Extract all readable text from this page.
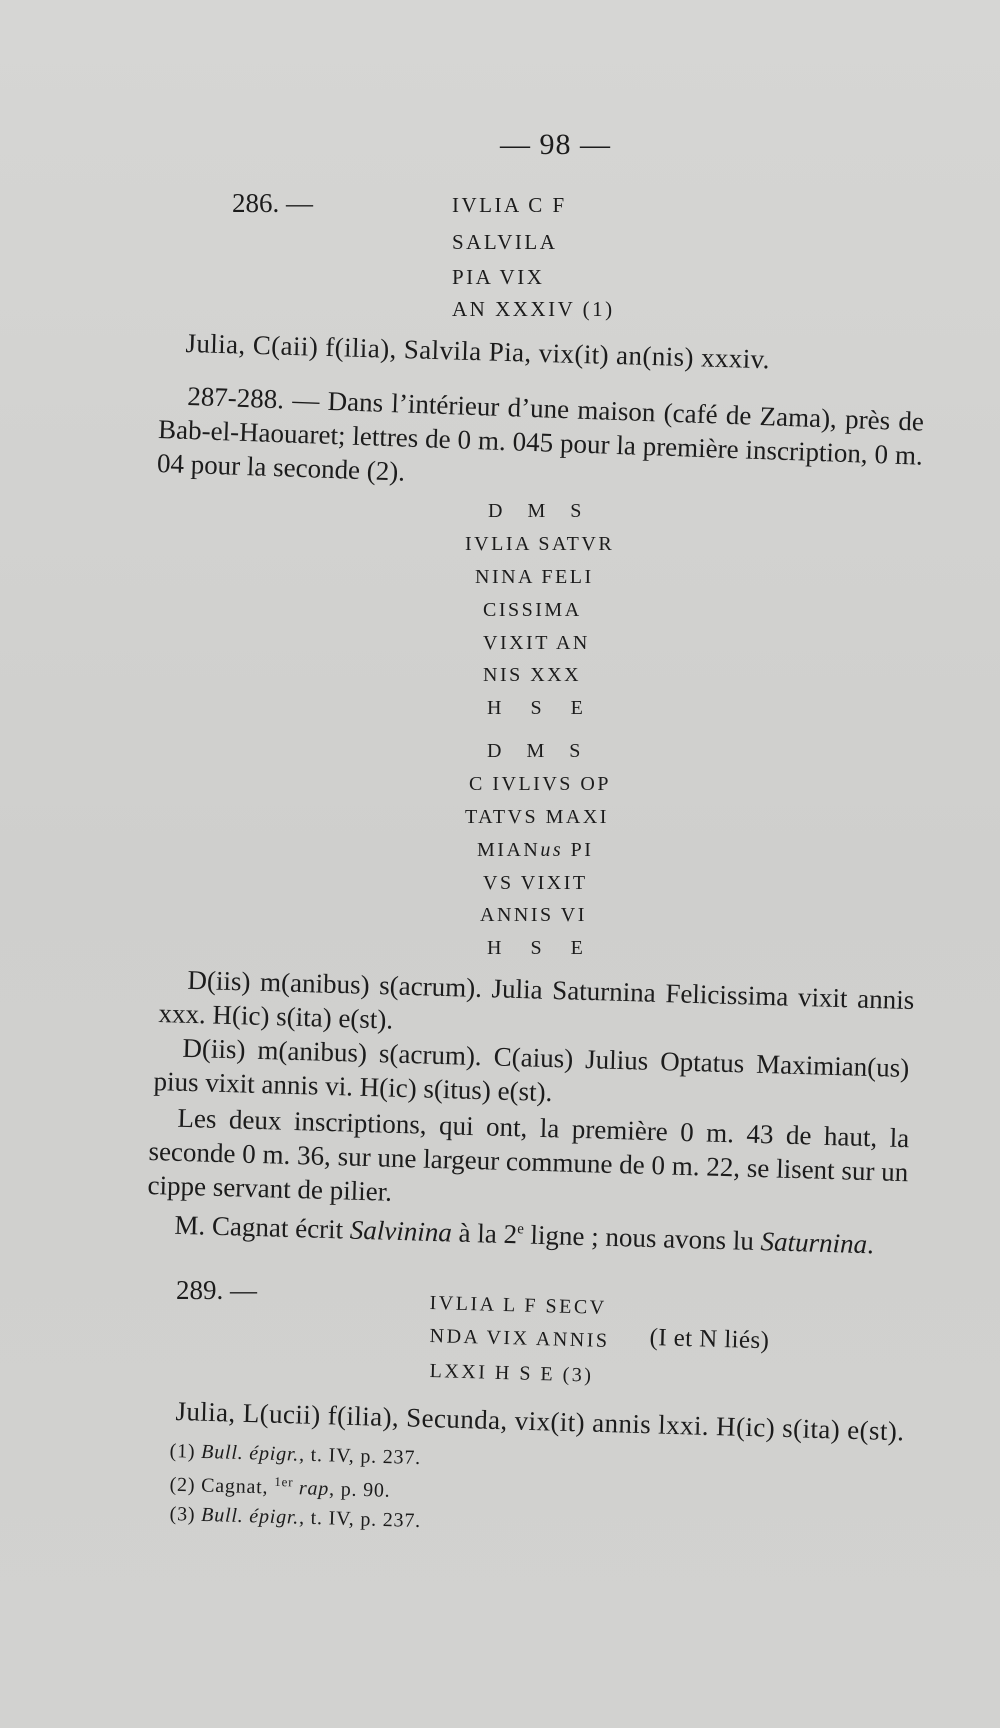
— 98 —
286. —	IVLIA C F
SALVILA
PIA VIX
AN XXXIV (1)
Julia, C(aii) f(ilia), Salvila Pia, vix(it) an(nis) xxxiv.

287-288. — Dans l’intérieur d’une maison (café de Zama), près de Bab-el-Haouaret; lettres de 0 m. 045 pour la première inscription, 0 m. 04 pour la seconde (2).

D M S
IVLIA SATVR
NINA FELI
CISSIMA
VIXIT AN
NIS XXX
H S E
D M S
C IVLIVS OP
TATVS MAXI
MIANus PI
VS VIXIT
ANNIS VI
H S E

D(iis) m(anibus) s(acrum). Julia Saturnina Felicissima vixit annis xxx. H(ic) s(ita) e(st).

D(iis) m(anibus) s(acrum). C(aius) Julius Optatus Maximian(us) pius vixit annis vi. H(ic) s(itus) e(st).

Les deux inscriptions, qui ont, la première 0 m. 43 de haut, la seconde 0 m. 36, sur une largeur commune de 0 m. 22, se lisent sur un cippe servant de pilier.

M. Cagnat écrit Salvinina à la 2e ligne ; nous avons lu Saturnina.

289. —
IVLIA L F SECV
NDA VIX ANNIS (I et N liés)
LXXI H S E (3)
Julia, L(ucii) f(ilia), Secunda, vix(it) annis lxxi. H(ic) s(ita) e(st).
(1) Bull. épigr., t. IV, p. 237.
(2) Cagnat, $^{1er}$ rap, p. 90.
(3) Bull. épigr., t. IV, p. 237.
